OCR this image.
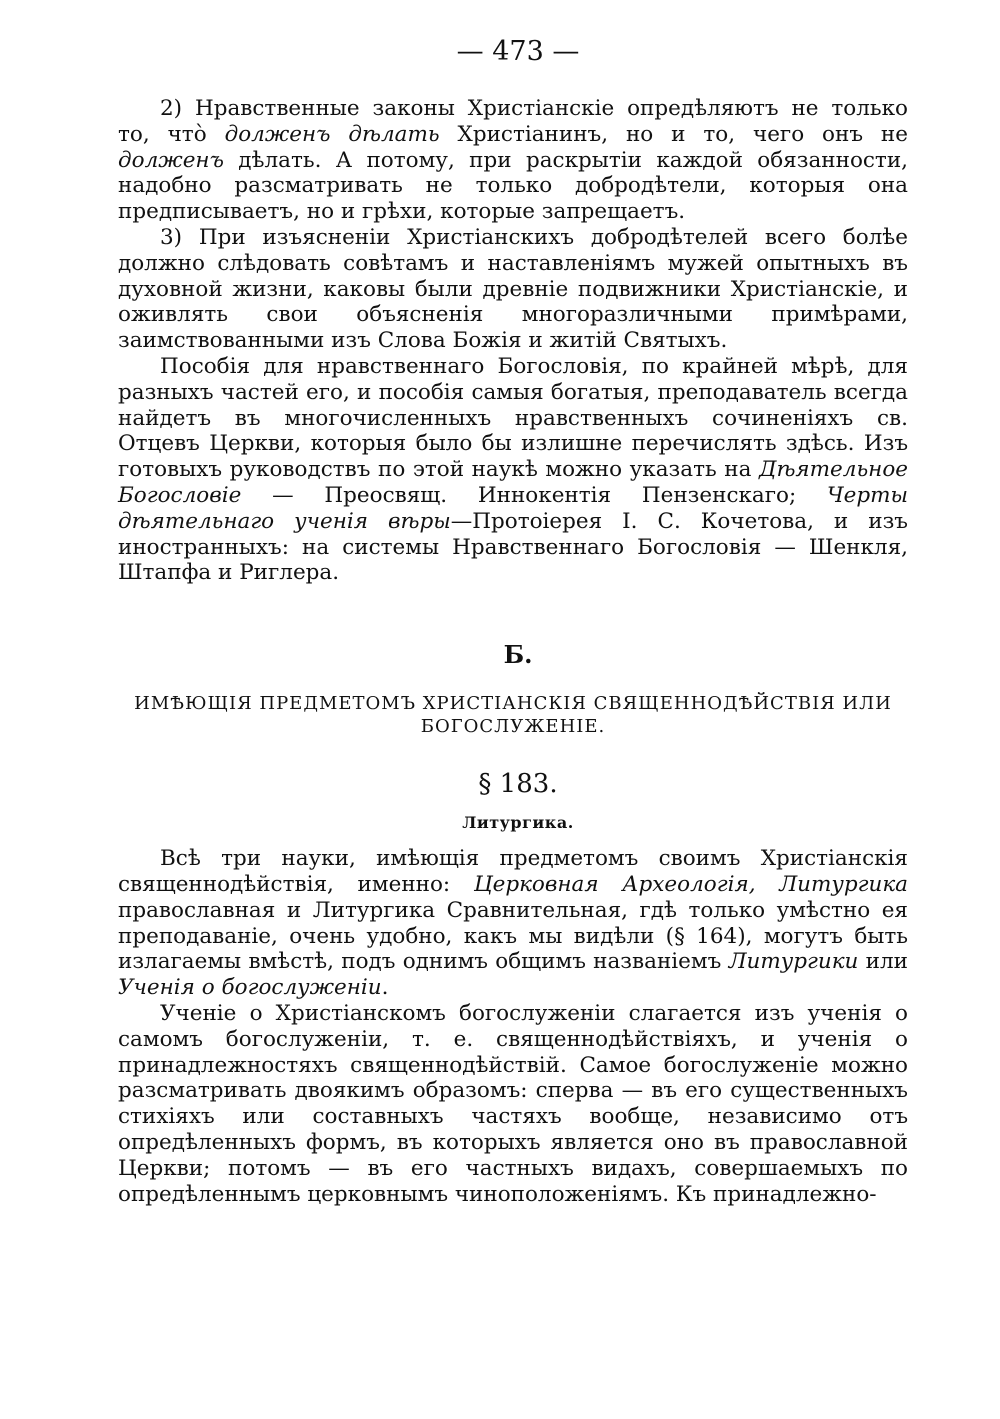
— 473 —

2) Нравственные законы Христіанскіе опредѣляютъ не только то, что̀ долженъ дѣлать Христіанинъ, но и то, чего онъ не долженъ дѣлать. А потому, при раскрытіи каждой обязанности, надобно разсматривать не только добродѣтели, которыя она предписываетъ, но и грѣхи, которые запрещаетъ.

3) При изъясненіи Христіанскихъ добродѣтелей всего болѣе должно слѣдовать совѣтамъ и наставленіямъ мужей опытныхъ въ духовной жизни, каковы были древніе подвижники Христіанскіе, и оживлять свои объясненія многоразличными примѣрами, заимствованными изъ Слова Божія и житій Святыхъ.

Пособія для нравственнаго Богословія, по крайней мѣрѣ, для разныхъ частей его, и пособія самыя богатыя, преподаватель всегда найдетъ въ многочисленныхъ нравственныхъ сочиненіяхъ св. Отцевъ Церкви, которыя было бы излишне перечислять здѣсь. Изъ готовыхъ руководствъ по этой наукѣ можно указать на Дѣятельное Богословіе — Преосвящ. Иннокентія Пензенскаго; Черты дѣятельнаго ученія вѣры—Протоіерея І. С. Кочетова, и изъ иностранныхъ: на системы Нравственнаго Богословія — Шенкля, Штапфа и Риглера.

Б.
ИМѢЮЩІЯ ПРЕДМЕТОМЪ ХРИСТІАНСКІЯ СВЯЩЕННОДѢЙСТВІЯ ИЛИ БОГОСЛУЖЕНІЕ.
§ 183.
Литургика.

Всѣ три науки, имѣющія предметомъ своимъ Христіанскія священнодѣйствія, именно: Церковная Археологія, Литургика православная и Литургика Сравнительная, гдѣ только умѣстно ея преподаваніе, очень удобно, какъ мы видѣли (§ 164), могутъ быть излагаемы вмѣстѣ, подъ однимъ общимъ названіемъ Литургики или Ученія о богослуженіи.

Ученіе о Христіанскомъ богослуженіи слагается изъ ученія о самомъ богослуженіи, т. е. священнодѣйствіяхъ, и ученія о принадлежностяхъ священнодѣйствій. Самое богослуженіе можно разсматривать двоякимъ образомъ: сперва — въ его существенныхъ стихіяхъ или составныхъ частяхъ вообще, независимо отъ опредѣленныхъ формъ, въ которыхъ является оно въ православной Церкви; потомъ — въ его частныхъ видахъ, совершаемыхъ по опредѣленнымъ церковнымъ чиноположеніямъ. Къ принадлежно-
